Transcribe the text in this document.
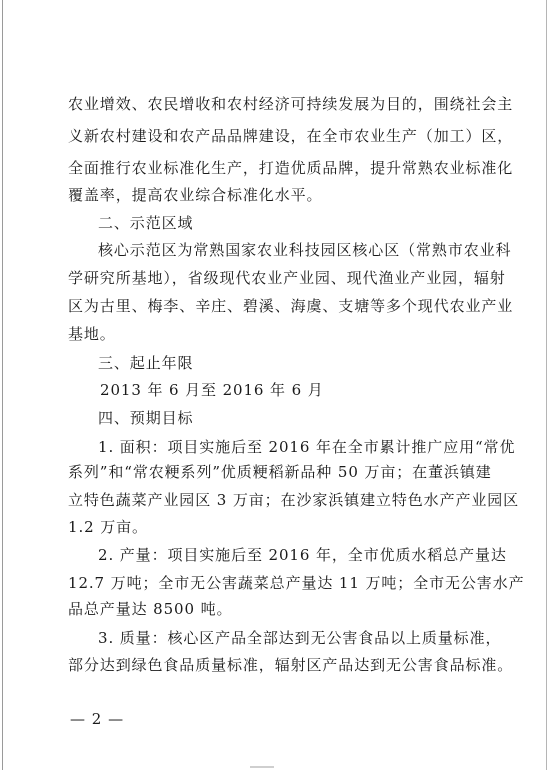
农业增效、农民增收和农村经济可持续发展为目的，围绕社会主
义新农村建设和农产品品牌建设，在全市农业生产（加工）区，
全面推行农业标准化生产，打造优质品牌，提升常熟农业标准化
覆盖率，提高农业综合标准化水平。
二、示范区域
核心示范区为常熟国家农业科技园区核心区（常熟市农业科
学研究所基地），省级现代农业产业园、现代渔业产业园，辐射
区为古里、梅李、辛庄、碧溪、海虞、支塘等多个现代农业产业
基地。
三、起止年限
2013 年 6 月至 2016 年 6 月
四、预期目标
1. 面积：项目实施后至 2016 年在全市累计推广应用“常优
系列”和“常农粳系列”优质粳稻新品种 50 万亩；在董浜镇建
立特色蔬菜产业园区 3 万亩；在沙家浜镇建立特色水产产业园区
1.2 万亩。
2. 产量：项目实施后至 2016 年，全市优质水稻总产量达
12.7 万吨；全市无公害蔬菜总产量达 11 万吨；全市无公害水产
品总产量达 8500 吨。
3. 质量：核心区产品全部达到无公害食品以上质量标准，
部分达到绿色食品质量标准，辐射区产品达到无公害食品标准。
— 2 —
